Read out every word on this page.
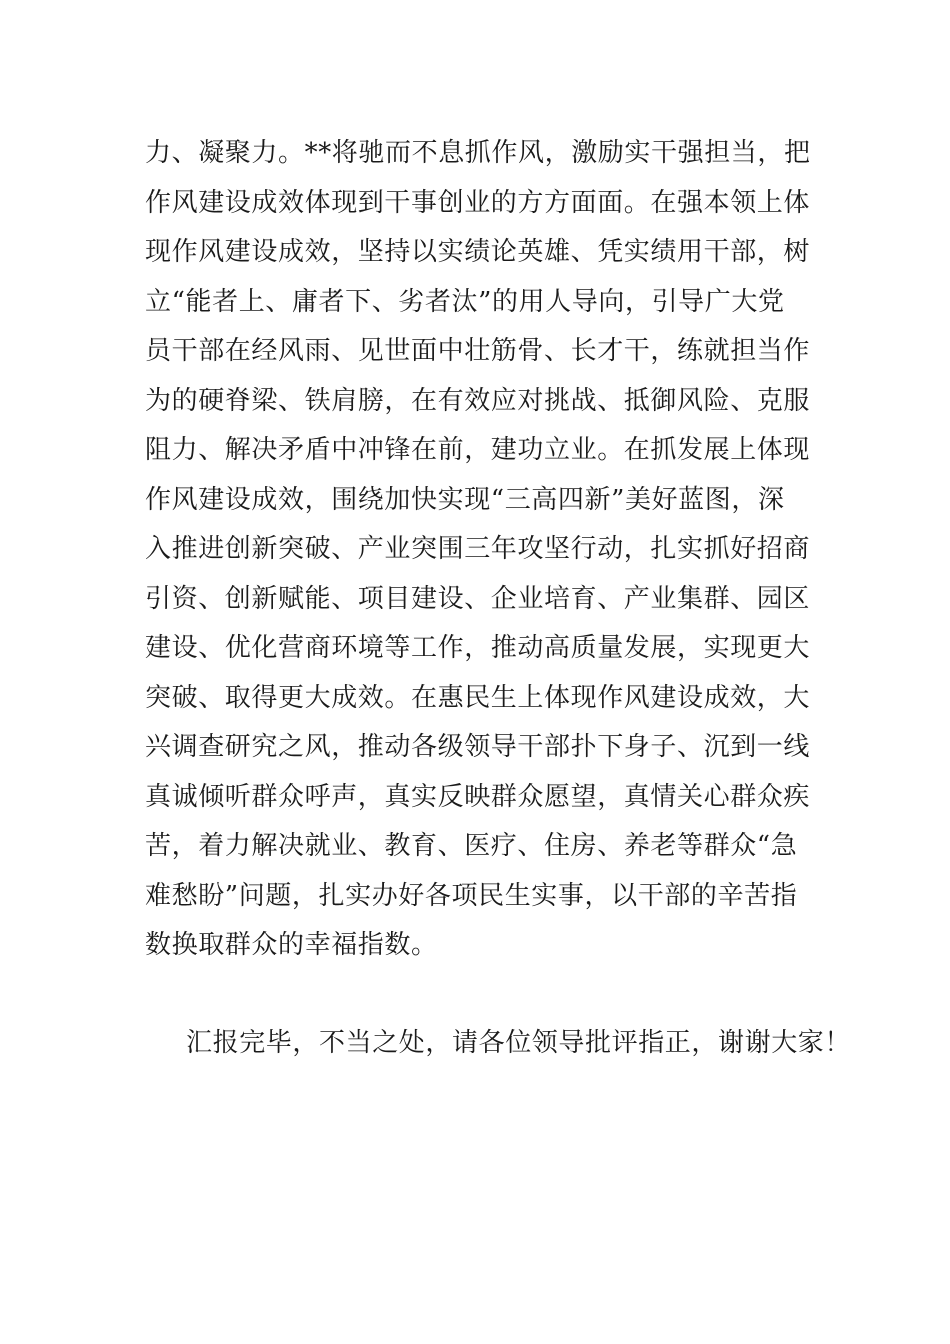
力、凝聚力。**将驰而不息抓作风，激励实干强担当，把
作风建设成效体现到干事创业的方方面面。在强本领上体
现作风建设成效，坚持以实绩论英雄、凭实绩用干部，树
立“能者上、庸者下、劣者汰”的用人导向，引导广大党
员干部在经风雨、见世面中壮筋骨、长才干，练就担当作
为的硬脊梁、铁肩膀，在有效应对挑战、抵御风险、克服
阻力、解决矛盾中冲锋在前，建功立业。在抓发展上体现
作风建设成效，围绕加快实现“三高四新”美好蓝图，深
入推进创新突破、产业突围三年攻坚行动，扎实抓好招商
引资、创新赋能、项目建设、企业培育、产业集群、园区
建设、优化营商环境等工作，推动高质量发展，实现更大
突破、取得更大成效。在惠民生上体现作风建设成效，大
兴调查研究之风，推动各级领导干部扑下身子、沉到一线
真诚倾听群众呼声，真实反映群众愿望，真情关心群众疾
苦，着力解决就业、教育、医疗、住房、养老等群众“急
难愁盼”问题，扎实办好各项民生实事，以干部的辛苦指
数换取群众的幸福指数。
汇报完毕，不当之处，请各位领导批评指正，谢谢大家！
